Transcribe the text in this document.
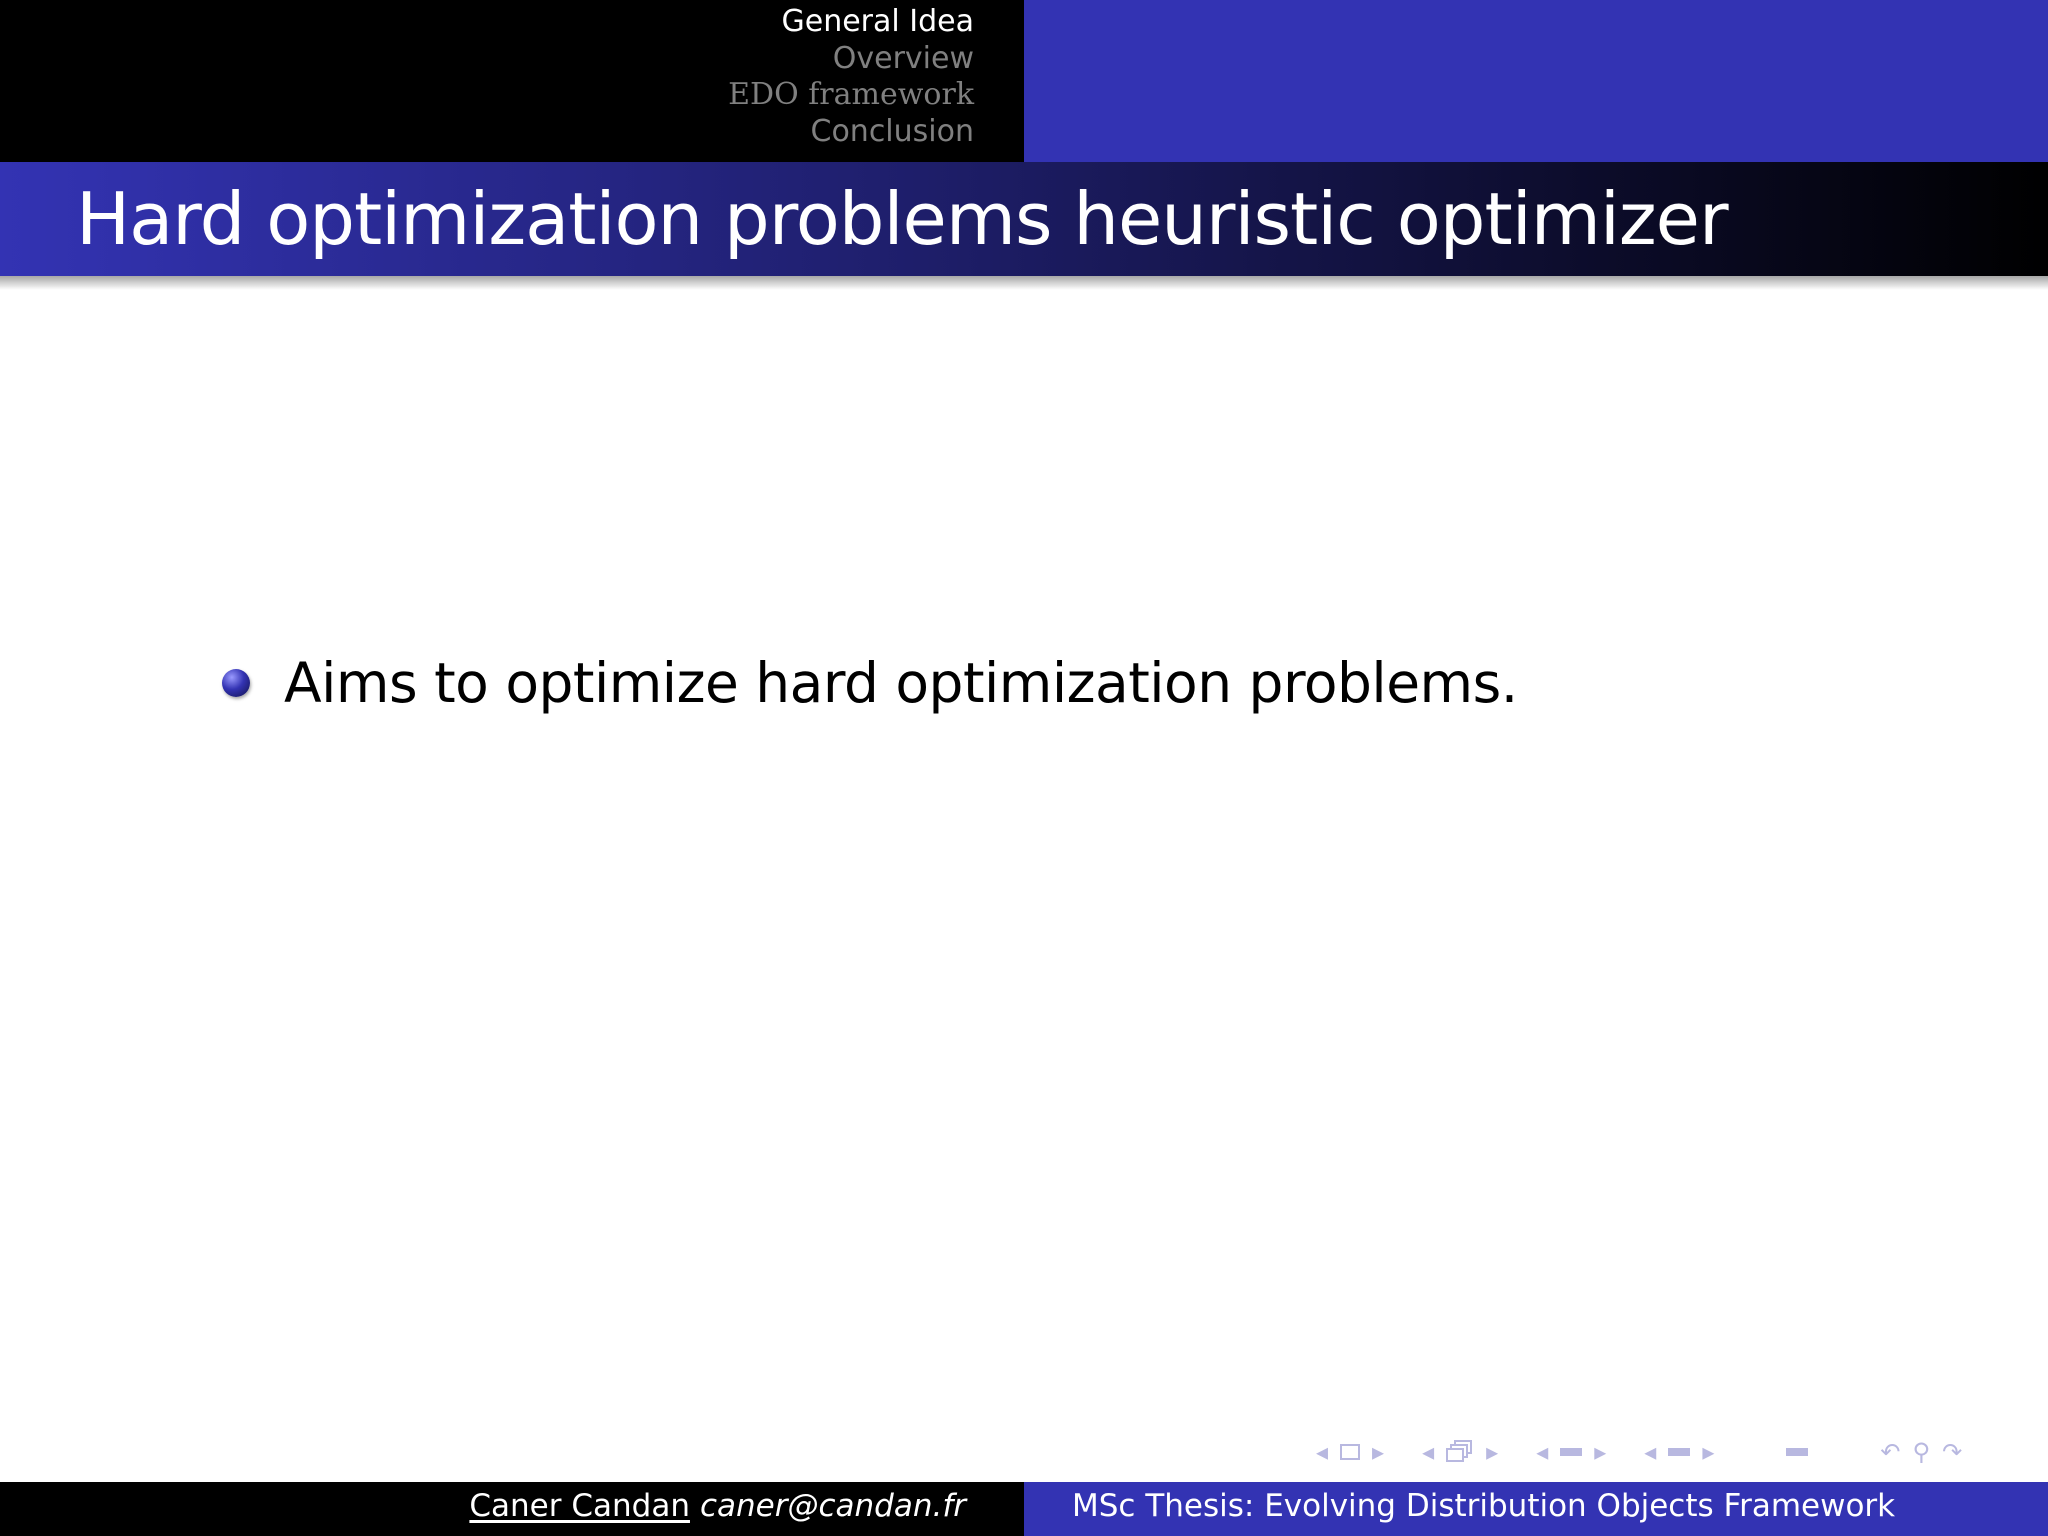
General Idea
Overview
EDO framework
Conclusion
Hard optimization problems heuristic optimizer
Aims to optimize hard optimization problems.
◂ ▸ ◂ ▸ ◂ ▸ ◂ ▸	↶ ⚲ ↷
Caner Candan caner@candan.fr	MSc Thesis: Evolving Distribution Objects Framework
